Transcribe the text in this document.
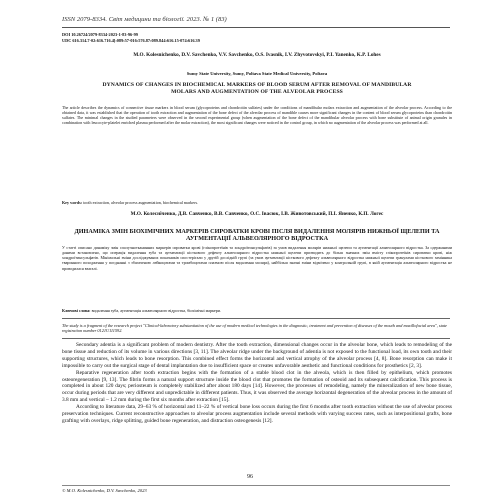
ISSN 2079-8334. Світ медицини та біології. 2023. № 1 (83)
DOI 10.26724/2079-8334-2023-1-83-96-99
UDC 616.314.7-02:616.716.4]:089:57-016:576.87:089.844:616.15-074:616.39
M.O. Kolesnichenko, D.V. Savchenko, V.V. Savchenko, O.S. Ivasnik, I.V. Zhyvotovskyi, P.I. Yanenko, K.P. Lohes
Sumy State University, Sumy, Poltava State Medical University, Poltava
DYNAMICS OF CHANGES IN BIOCHEMICAL MARKERS OF BLOOD SERUM AFTER REMOVAL OF MANDIBULAR MOLARS AND AUGMENTATION OF THE ALVEOLAR PROCESS
The article describes the dynamics of connective tissue markers in blood serum (glycoproteins and chondroitin sulfates) under the conditions of mandibular molars extraction and augmentation of the alveolar process. According to the obtained data, it was established that the operation of tooth extraction and augmentation of the bone defect of the alveolar process of mandible causes more significant changes in the content of blood serum glycoproteins than chondroitin sulfates. The minimal changes in the studied parameters were observed in the second experimental group (when augmentation of the bone defect of the mandibular alveolar process with bone substitute of animal origin granules in combination with leucocyte-platelet enriched plasma performed after the molar extraction), the most significant changes were noticed in the control group, in which no augmentation of the alveolar process was performed at all.
Key words: tooth extraction, alveolar process augmentation, biochemical markers.
М.О. Колесніченко, Д.В. Савченко, В.В. Савченко, О.С. Івасюк, І.В. Животовський, П.І. Яненко, К.П. Логес
ДИНАМІКА ЗМІН БІОХІМІЧНИХ МАРКЕРІВ СИРОВАТКИ КРОВІ ПІСЛЯ ВИДАЛЕННЯ МОЛЯРІВ НИЖНЬОЇ ЩЕЛЕПИ ТА АУГМЕНТАЦІЇ АЛЬВЕОЛЯРНОГО ВІДРОСТКА
У статті описано динаміку змін сполучнотканинних маркерів сироватки крові (глікопротеїнів та хондроїтинсульфатів) за умов видалення молярів нижньої щелепи та аугментації альвеолярного відростка. За одержаними даними встановлено, що операція видалення зуба та аугментації кісткового дефекту альвеолярного відростка нижньої щелепи призводить до більш значних змін вмісту глікопротеїнів сироватки крові, ніж хондроїтинсульфатів. Мінімальні зміни досліджуваних показників спостерігали у другій дослідній групі (за умов аугментації кісткового дефекту альвеолярного відростка нижньої щелепи гранулами кісткового замінника тваринного походження у поєднанні з збагаченою лейкоцитами та тромбоцитами плазмою після видалення моляра), найбільш значні зміни відмічено у контрольній групі, в якій аугментація альвеолярного відростка не проводилася взагалі.
Ключові слова: видалення зуба, аугментація альвеолярного відростка, біохімічні маркери.
The study is a fragment of the research project "Clinical-laboratory substantiation of the use of modern medical technologies in the diagnostic, treatment and prevention of diseases of the mouth and maxillofacial area", state registration number 0121U111592.

Secondary adentia is a significant problem of modern dentistry. After the tooth extraction, dimensional changes occur in the alveolar bone, which leads to remodeling of the bone tissue and reduction of its volume in various directions [3, 11]. The alveolar ridge under the background of adentia is not exposed to the functional load, its own tooth and their supporting structures, which leads to bone resorption. This combined effect forms the horizontal and vertical atrophy of the alveolar process [4, 8]. Bone resorption can make it impossible to carry out the surgical stage of dental implantation due to insufficient space or creates unfavorable aesthetic and functional conditions for prosthetics [2, 3].

Reparative regeneration after tooth extraction begins with the formation of a stable blood clot in the alveola, which is then filled by epithelium, which promotes osteoregeneration [9, 13]. The fibrin forms a natural support structure inside the blood clot that promotes the formation of osteoid and its subsequent calcification. This process is completed in about 120 days; periosteum is completely stabilized after about 180 days [14]. However, the processes of remodeling, namely the mineralization of new bone tissue, occur during periods that are very different and unpredictable in different patients. Thus, it was observed the average horizontal degeneration of the alveolar process in the amount of 3.8 mm and vertical – 1.2 mm during the first six months after extraction [15].

According to literature data, 29–63 % of horizontal and 11–22 % of vertical bone loss occurs during the first 6 months after tooth extraction without the use of alveolar process preservation techniques. Current reconstructive approaches to alveolar process augmentation include several methods with varying success rates, such as interpositional grafts, bone grafting with overlays, ridge splitting, guided bone regeneration, and distraction osteogenesis [12].

96
© M.O. Kolesnichenko, D.V. Savchenko, 2023
